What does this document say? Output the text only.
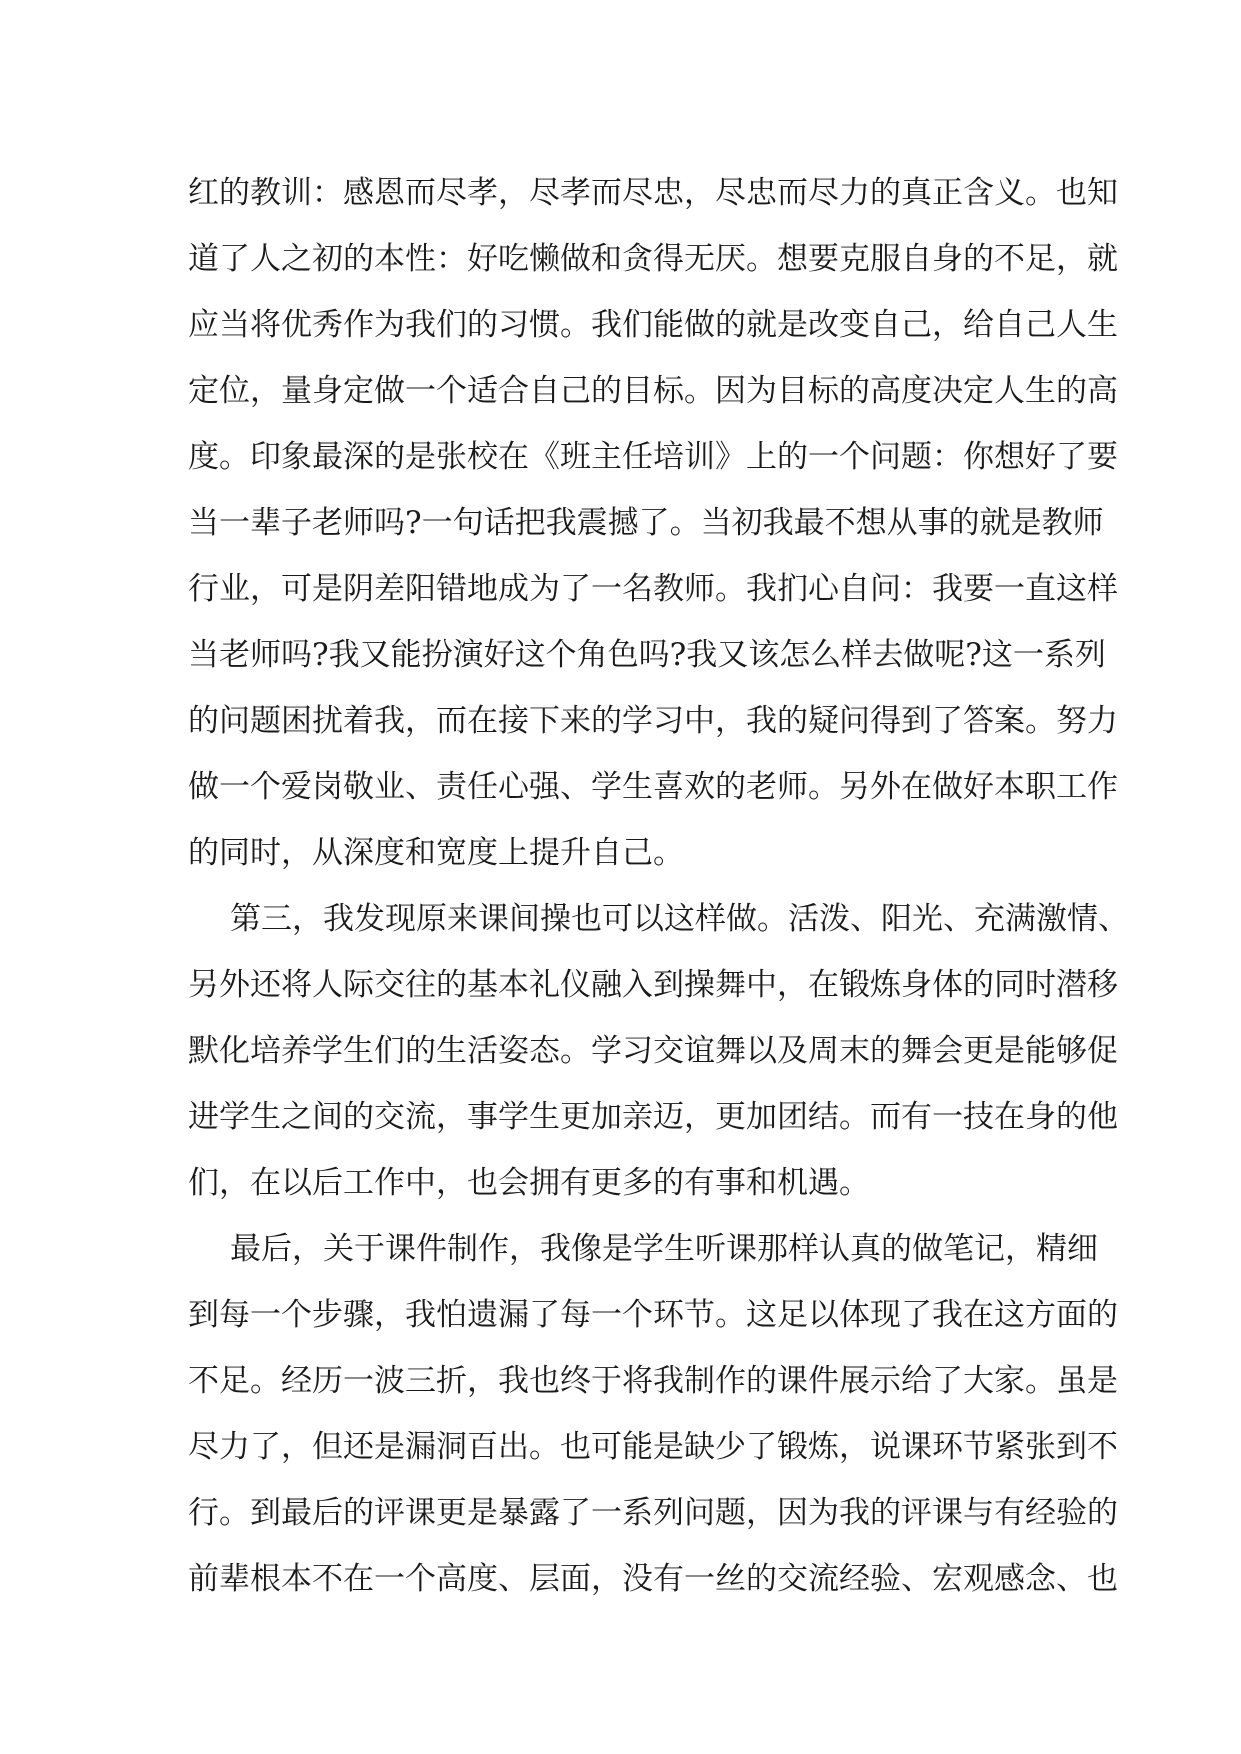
红的教训：感恩而尽孝，尽孝而尽忠，尽忠而尽力的真正含义。也知
道了人之初的本性：好吃懒做和贪得无厌。想要克服自身的不足，就
应当将优秀作为我们的习惯。我们能做的就是改变自己，给自己人生
定位，量身定做一个适合自己的目标。因为目标的高度决定人生的高
度。印象最深的是张校在《班主任培训》上的一个问题：你想好了要
当一辈子老师吗?一句话把我震撼了。当初我最不想从事的就是教师
行业，可是阴差阳错地成为了一名教师。我扪心自问：我要一直这样
当老师吗?我又能扮演好这个角色吗?我又该怎么样去做呢?这一系列
的问题困扰着我，而在接下来的学习中，我的疑问得到了答案。努力
做一个爱岗敬业、责任心强、学生喜欢的老师。另外在做好本职工作
的同时，从深度和宽度上提升自己。
第三，我发现原来课间操也可以这样做。活泼、阳光、充满激情、
另外还将人际交往的基本礼仪融入到操舞中，在锻炼身体的同时潜移
默化培养学生们的生活姿态。学习交谊舞以及周末的舞会更是能够促
进学生之间的交流，事学生更加亲迈，更加团结。而有一技在身的他
们，在以后工作中，也会拥有更多的有事和机遇。
最后，关于课件制作，我像是学生听课那样认真的做笔记，精细
到每一个步骤，我怕遗漏了每一个环节。这足以体现了我在这方面的
不足。经历一波三折，我也终于将我制作的课件展示给了大家。虽是
尽力了，但还是漏洞百出。也可能是缺少了锻炼，说课环节紧张到不
行。到最后的评课更是暴露了一系列问题，因为我的评课与有经验的
前辈根本不在一个高度、层面，没有一丝的交流经验、宏观感念、也
